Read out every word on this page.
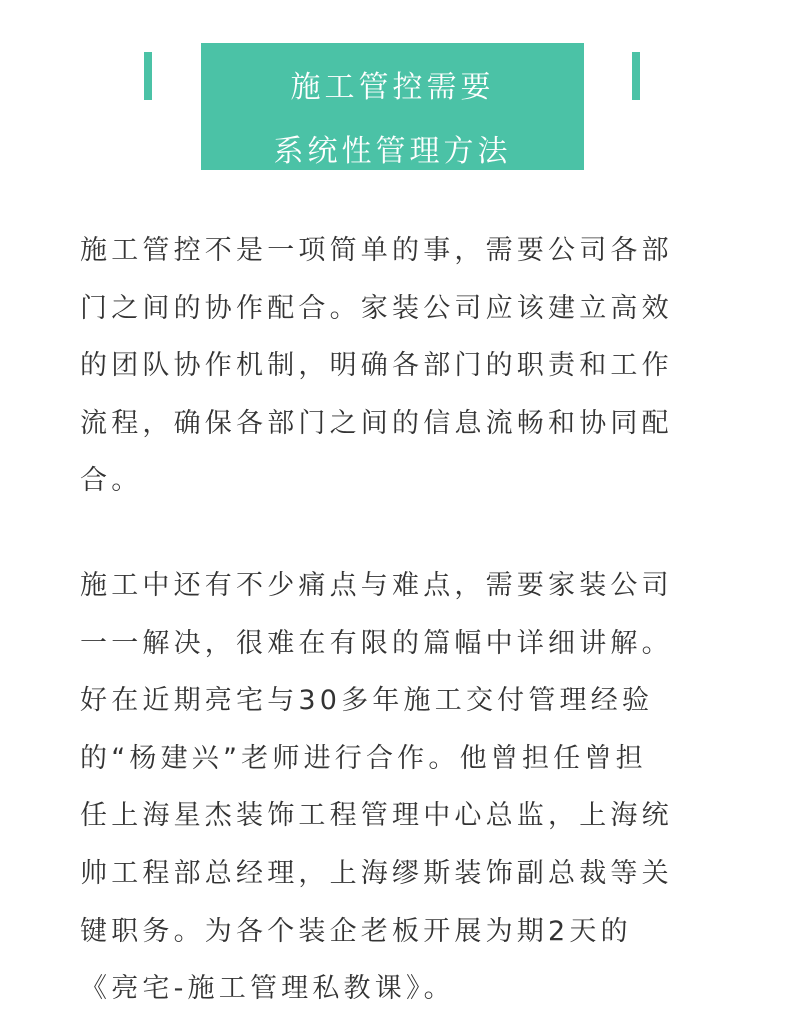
施工管控需要
系统性管理方法

施工管控不是一项简单的事，需要公司各部
门之间的协作配合。家装公司应该建立高效
的团队协作机制，明确各部门的职责和工作
流程，确保各部门之间的信息流畅和协同配
合。

施工中还有不少痛点与难点，需要家装公司
一一解决，很难在有限的篇幅中详细讲解。
好在近期亮宅与30多年施工交付管理经验
的“杨建兴”老师进行合作。他曾担任曾担
任上海星杰装饰工程管理中心总监，上海统
帅工程部总经理，上海缪斯装饰副总裁等关
键职务。为各个装企老板开展为期2天的
《亮宅-施工管理私教课》。
